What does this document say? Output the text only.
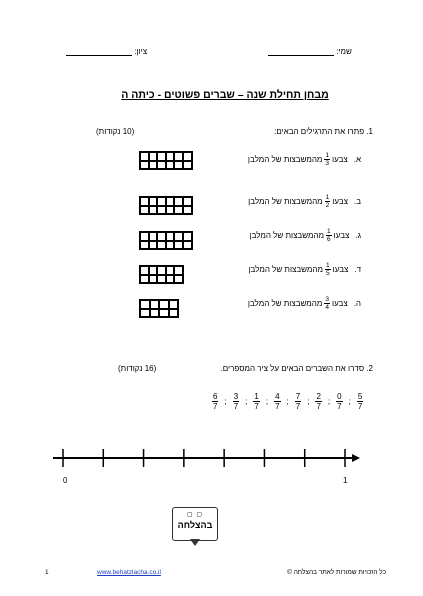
שמי:
ציון:
מבחן תחילת שנה – שברים פשוטים - כיתה ה
1. פתרו את התרגילים הבאים:
(10 נקודות)
א.
צבעו
$\frac{1}{3}$
מהמשבצות של המלבן
ב.
צבעו
$\frac{1}{2}$
מהמשבצות של המלבן
ג.
צבעו
$\frac{1}{6}$
מהמשבצות של המלבן
ד.
צבעו
$\frac{1}{5}$
מהמשבצות של המלבן
ה.
צבעו
$\frac{3}{4}$
מהמשבצות של המלבן
2. סדרו את השברים הבאים על ציר המספרים.
(16 נקודות)
$\frac{5}{7}$
;
$\frac{0}{7}$
;
$\frac{2}{7}$
;
$\frac{7}{7}$
;
$\frac{4}{7}$
;
$\frac{1}{7}$
;
$\frac{3}{7}$
;
$\frac{6}{7}$
0	1
▢ ▢
בהצלחה
1	www.behatzlacha.co.il	כל הזכויות שמורות לאתר בהצלחה ©
